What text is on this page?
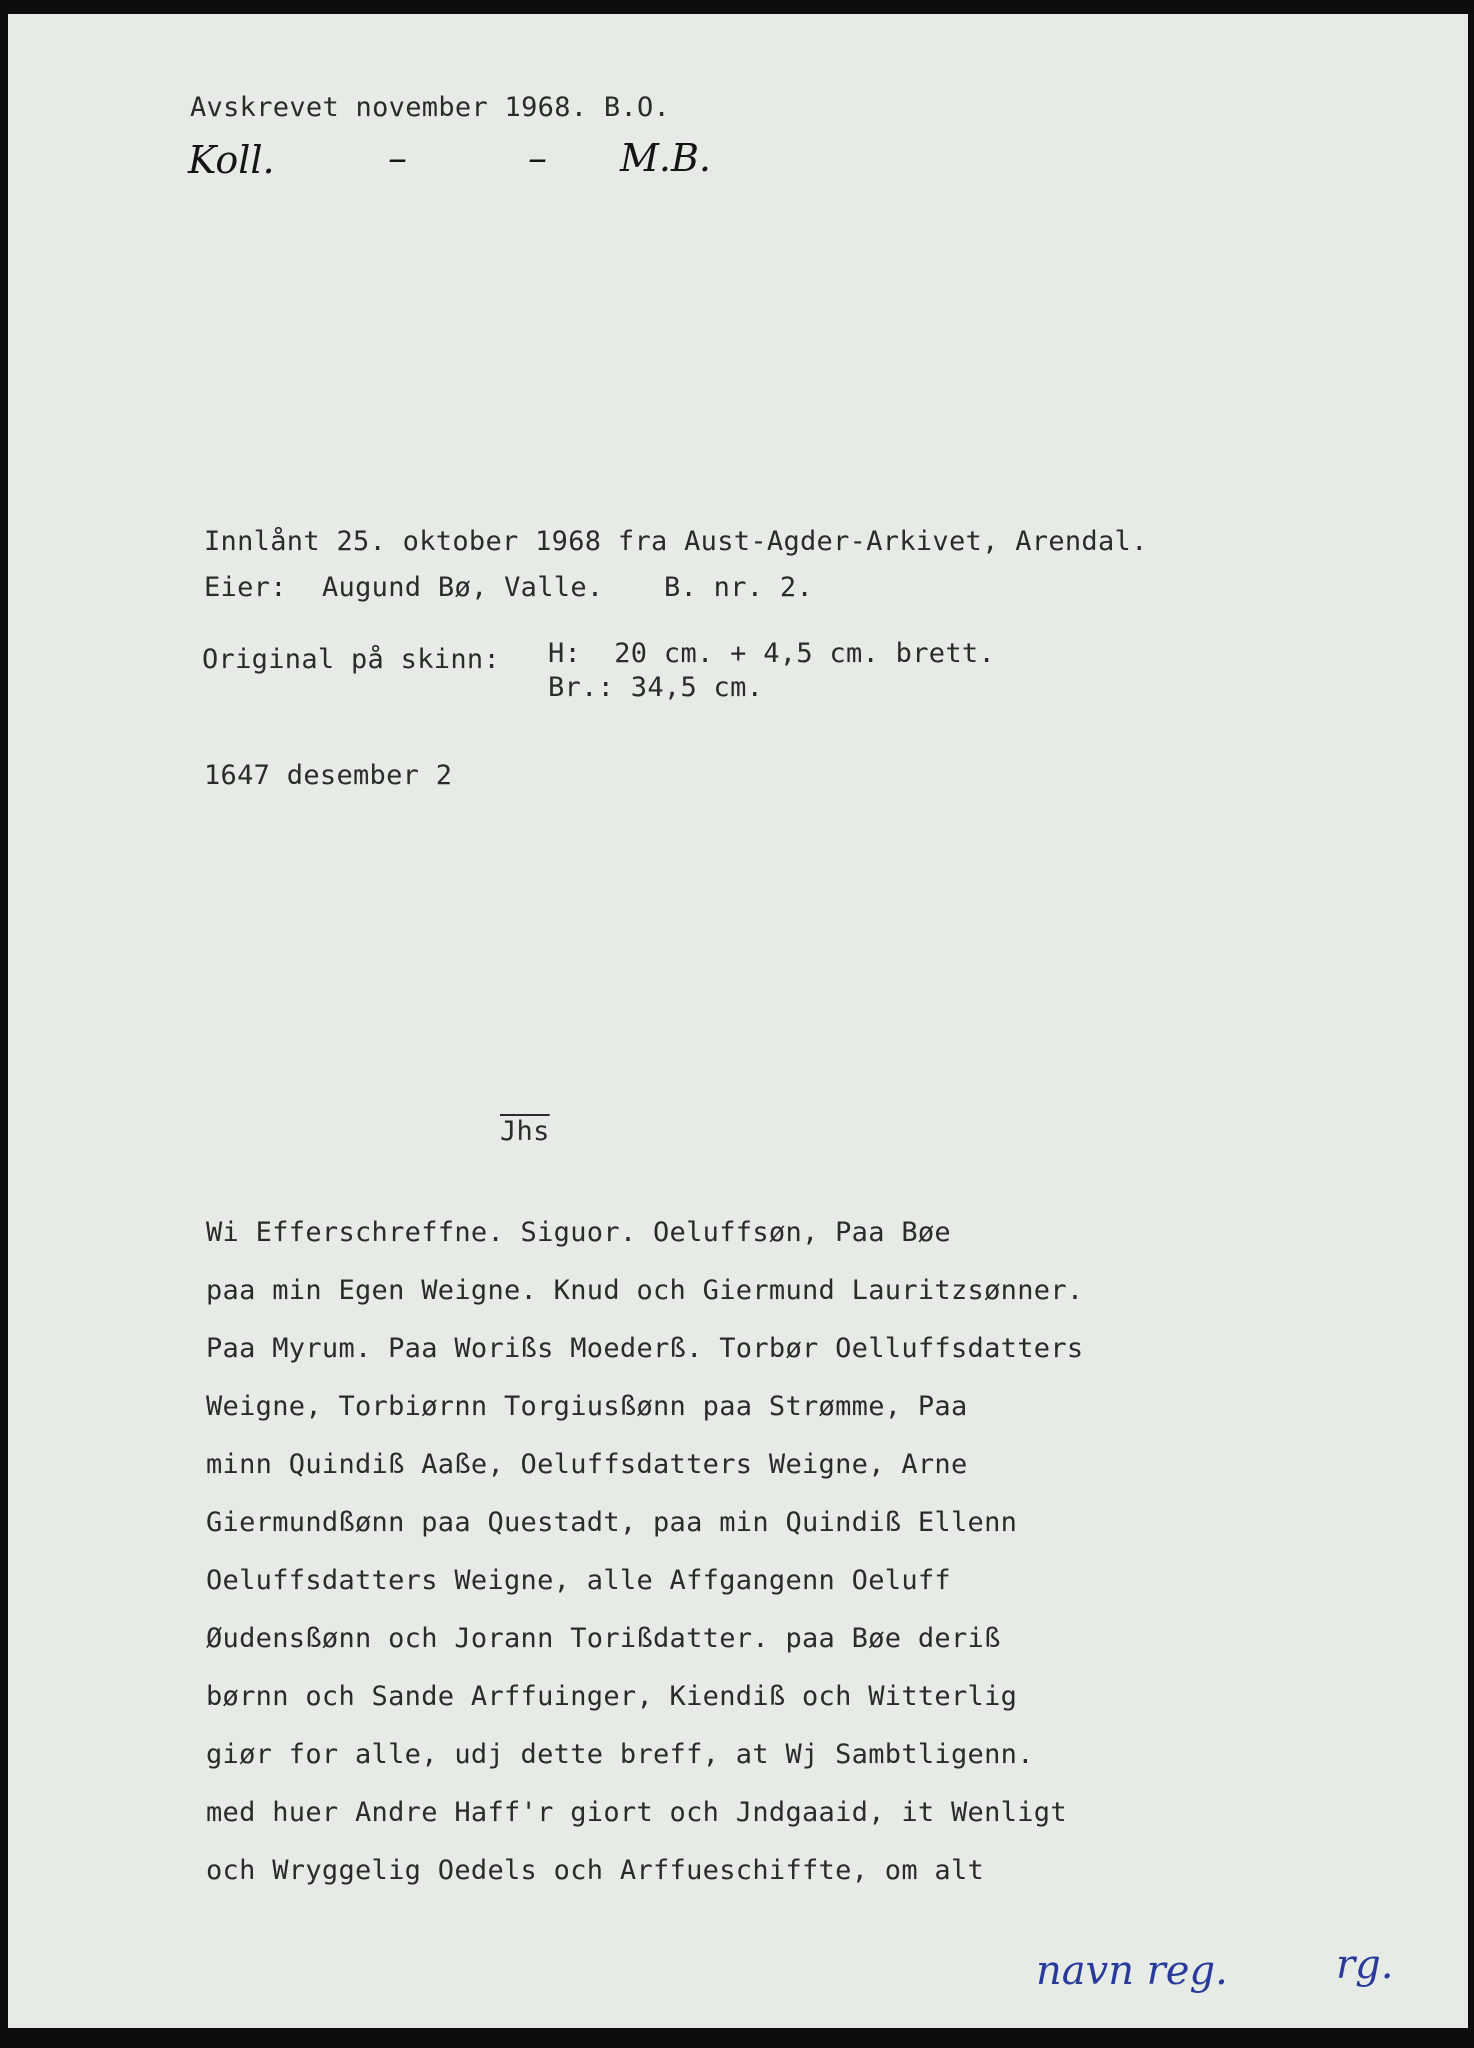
Avskrevet november 1968. B.O.
Koll.	–	– M.B.
Innlånt 25. oktober 1968 fra Aust-Agder-Arkivet, Arendal.
Eier: Augund Bø, Valle. B. nr. 2.
Original på skinn: H:  20 cm. + 4,5 cm. brett.
Br.: 34,5 cm.
1647 desember 2
$\overline{Jhs}$
Wi Efferschreffne. Siguor. Oeluffsøn, Paa Bøe
paa min Egen Weigne. Knud och Giermund Lauritzsønner.
Paa Myrum. Paa Worißs Moederß. Torbør Oelluffsdatters
Weigne, Torbiørnn Torgiusßønn paa Strømme, Paa
minn Quindiß Aaße, Oeluffsdatters Weigne, Arne
Giermundßønn paa Questadt, paa min Quindiß Ellenn
Oeluffsdatters Weigne, alle Affgangenn Oeluff
Øudensßønn och Jorann Torißdatter. paa Bøe deriß
børnn och Sande Arffuinger, Kiendiß och Witterlig
giør for alle, udj dette breff, at Wj Sambtligenn.
med huer Andre Haff'r giort och Jndgaaid, it Wenligt
och Wryggelig Oedels och Arffueschiffte, om alt
navn reg.	rg.
